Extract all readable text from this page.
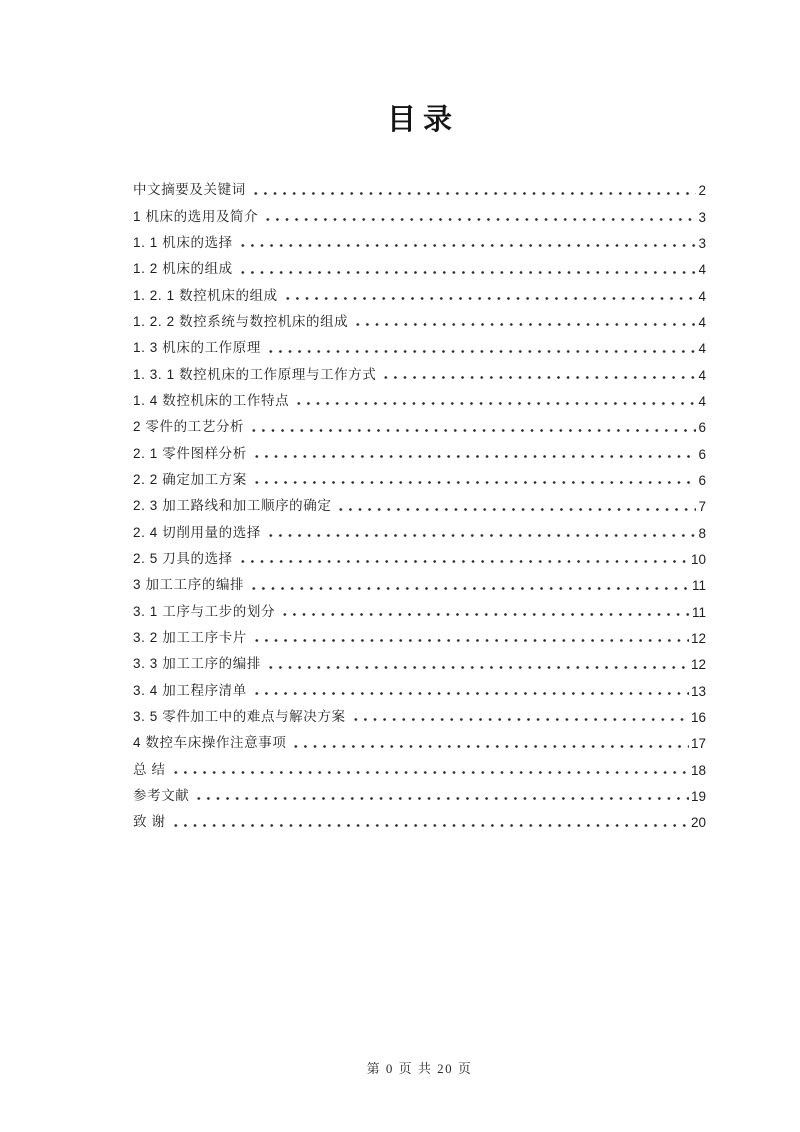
目录
中文摘要及关键词	2
1 机床的选用及简介	3
1. 1 机床的选择	3
1. 2 机床的组成	4
1. 2. 1 数控机床的组成	4
1. 2. 2 数控系统与数控机床的组成	4
1. 3 机床的工作原理	4
1. 3. 1 数控机床的工作原理与工作方式	4
1. 4 数控机床的工作特点	4
2 零件的工艺分析	6
2. 1 零件图样分析	6
2. 2 确定加工方案	6
2. 3 加工路线和加工顺序的确定	7
2. 4 切削用量的选择	8
2. 5 刀具的选择	10
3 加工工序的编排	11
3. 1 工序与工步的划分	11
3. 2 加工工序卡片	12
3. 3 加工工序的编排	12
3. 4 加工程序清单	13
3. 5 零件加工中的难点与解决方案	16
4 数控车床操作注意事项	17
总 结	18
参考文献	19
致 谢	20
第 0 页 共 20 页
